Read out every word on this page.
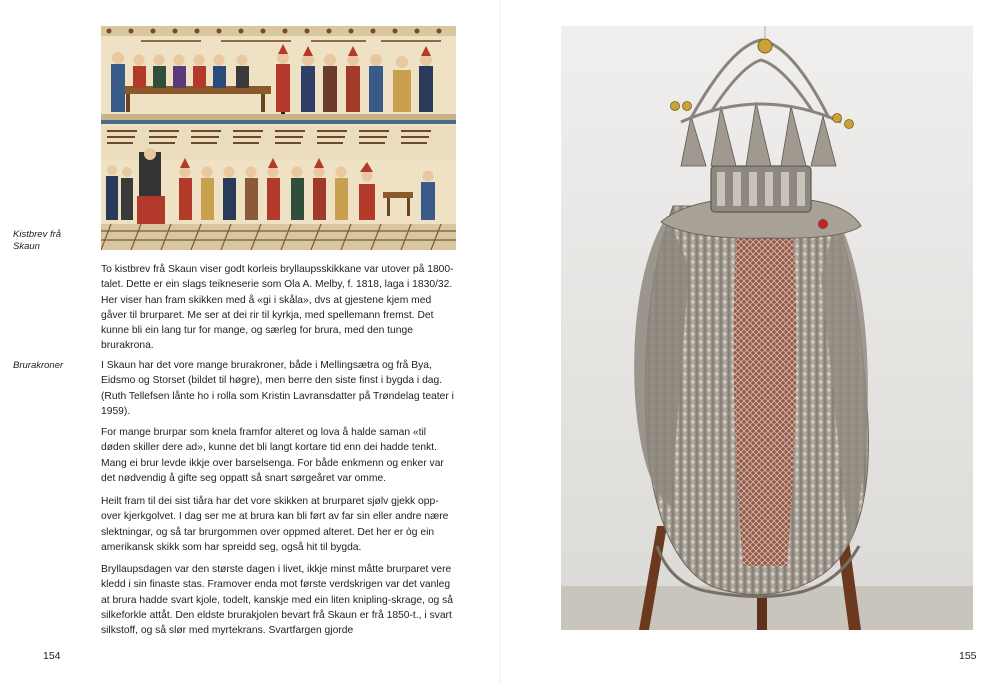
Kistbrev frå
Skaun
Brurakroner

To kistbrev frå Skaun viser godt korleis bryllaupsskikkane var utover på 1800-talet. Dette er ein slags teikneserie som Ola A. Melby, f. 1818, laga i 1830/32. Her viser han fram skikken med å «gi i skåla», dvs at gjestene kjem med gåver til brurparet. Me ser at dei rir til kyrkja, med spellemann fremst. Det kunne bli ein lang tur for mange, og særleg for brura, med den tunge brurakrona.

I Skaun har det vore mange brurakroner, både i Mellingsætra og frå Bya, Eidsmo og Storset (bildet til høgre), men berre den siste finst i bygda i dag. (Ruth Tellefsen lånte ho i rolla som Kristin Lavransdatter på Trøndelag teater i 1959).

For mange brurpar som knela framfor alteret og lova å halde saman «til døden skiller dere ad», kunne det bli langt kortare tid enn dei hadde tenkt. Mang ei brur levde ikkje over barselsenga. For både enkmenn og enker var det nødvendig å gifte seg oppatt så snart sørgeåret var omme.

Heilt fram til dei sist tiåra har det vore skikken at brurparet sjølv gjekk opp-over kjerkgolvet. I dag ser me at brura kan bli ført av far sin eller andre nære slektningar, og så tar brurgommen over oppmed alteret. Det her er òg ein amerikansk skikk som har spreidd seg, også hit til bygda.

Bryllaupsdagen var den største dagen i livet, ikkje minst måtte brurparet vere kledd i sin finaste stas. Framover enda mot første verdskrigen var det vanleg at brura hadde svart kjole, todelt, kanskje med ein liten knipling-skrage, og så silkeforkle attåt. Den eldste brurakjolen bevart frå Skaun er frå 1850-t., i svart silkstoff, og så slør med myrtekrans. Svartfargen gjorde

154	155
